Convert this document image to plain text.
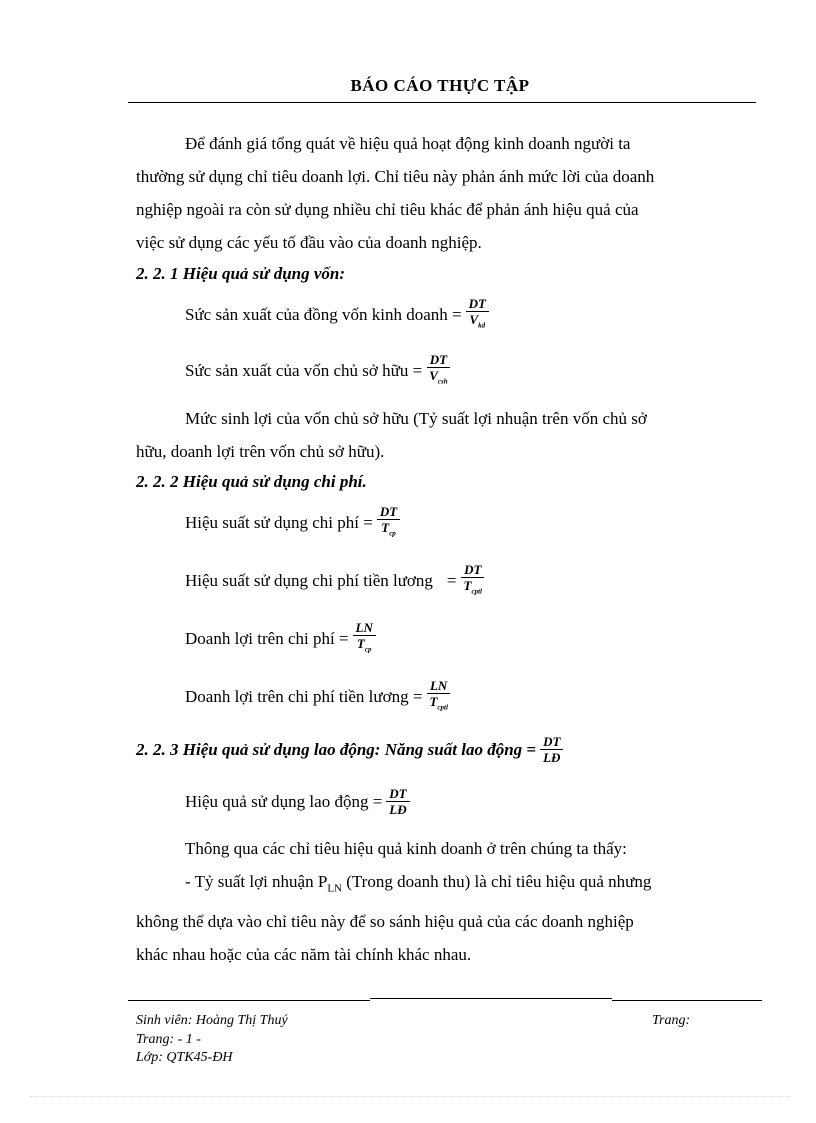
BÁO CÁO THỰC TẬP
Để đánh giá tổng quát về hiệu quả hoạt động kinh doanh người ta
thường sử dụng chỉ tiêu doanh lợi. Chỉ tiêu này phản ánh mức lời của doanh
nghiệp ngoài ra còn sử dụng nhiều chỉ tiêu khác để phản ánh hiệu quả của
việc sử dụng các yếu tố đầu vào của doanh nghiệp.
2. 2. 1 Hiệu quả sử dụng vốn:
Sức sản xuất của đồng vốn kinh doanh = $\frac{DT}{V_{kd}}$
Sức sản xuất của vốn chủ sở hữu = $\frac{DT}{V_{csh}}$
Mức sinh lợi của vốn chủ sở hữu (Tỷ suất lợi nhuận trên vốn chủ sở
hữu, doanh lợi trên vốn chủ sở hữu).
2. 2. 2 Hiệu quả sử dụng chi phí.
Hiệu suất sử dụng chi phí = $\frac{DT}{T_{cp}}$
Hiệu suất sử dụng chi phí tiền lương = $\frac{DT}{T_{cptl}}$
Doanh lợi trên chi phí = $\frac{LN}{T_{cp}}$
Doanh lợi trên chi phí tiền lương = $\frac{LN}{T_{cptl}}$
2. 2. 3 Hiệu quả sử dụng lao động: Năng suất lao động = $\frac{DT}{LĐ}$
Hiệu quả sử dụng lao động = $\frac{DT}{LĐ}$
Thông qua các chỉ tiêu hiệu quả kinh doanh ở trên chúng ta thấy:
- Tỷ suất lợi nhuận $P_{LN}$ (Trong doanh thu) là chỉ tiêu hiệu quả nhưng
không thể dựa vào chỉ tiêu này để so sánh hiệu quả của các doanh nghiệp
khác nhau hoặc của các năm tài chính khác nhau.
Sinh viên: Hoàng Thị Thuý	Trang:
Trang: - 1 -
Lớp: QTK45-ĐH
